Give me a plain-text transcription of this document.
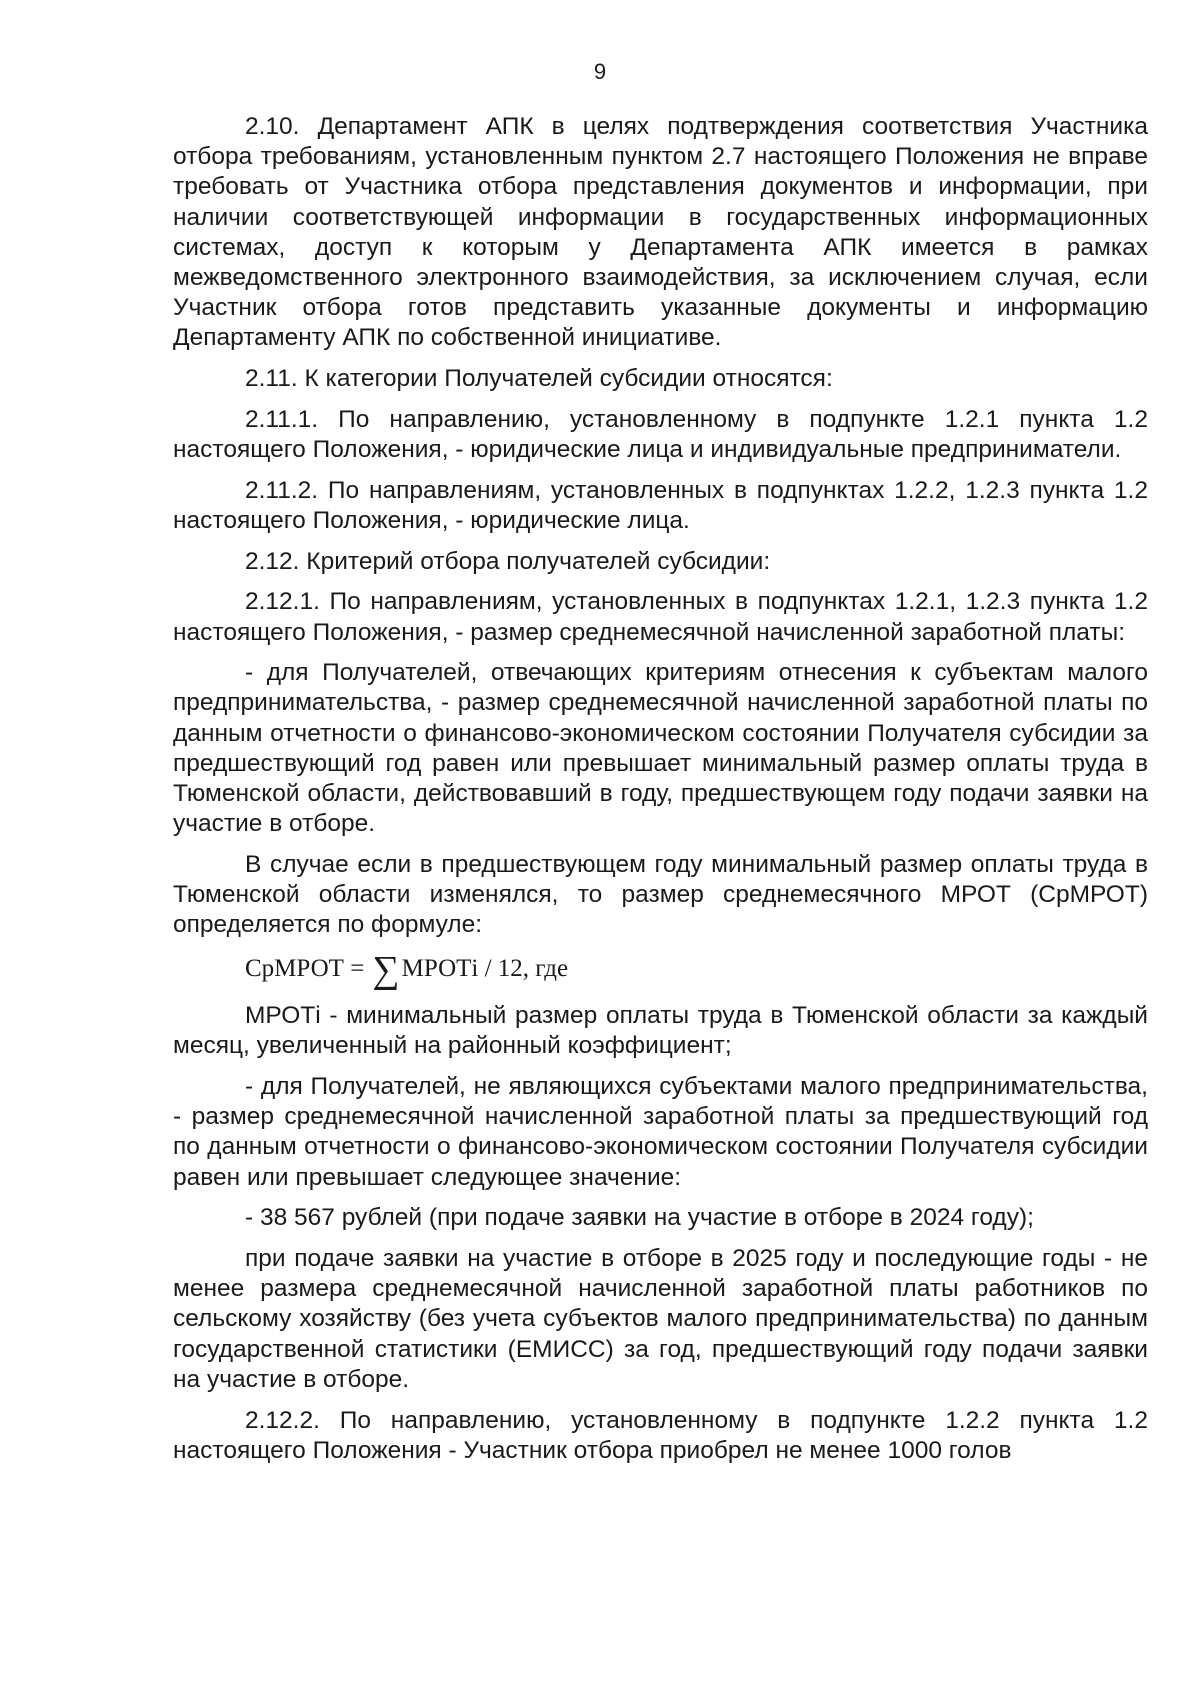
9

2.10. Департамент АПК в целях подтверждения соответствия Участника отбора требованиям, установленным пунктом 2.7 настоящего Положения не вправе требовать от Участника отбора представления документов и информации, при наличии соответствующей информации в государственных информационных системах, доступ к которым у Департамента АПК имеется в рамках межведомственного электронного взаимодействия, за исключением случая, если Участник отбора готов представить указанные документы и информацию Департаменту АПК по собственной инициативе.

2.11. К категории Получателей субсидии относятся:

2.11.1. По направлению, установленному в подпункте 1.2.1 пункта 1.2 настоящего Положения, - юридические лица и индивидуальные предприниматели.

2.11.2. По направлениям, установленных в подпунктах 1.2.2, 1.2.3 пункта 1.2 настоящего Положения, - юридические лица.

2.12. Критерий отбора получателей субсидии:

2.12.1. По направлениям, установленных в подпунктах 1.2.1, 1.2.3 пункта 1.2 настоящего Положения, - размер среднемесячной начисленной заработной платы:

- для Получателей, отвечающих критериям отнесения к субъектам малого предпринимательства, - размер среднемесячной начисленной заработной платы по данным отчетности о финансово-экономическом состоянии Получателя субсидии за предшествующий год равен или превышает минимальный размер оплаты труда в Тюменской области, действовавший в году, предшествующем году подачи заявки на участие в отборе.

В случае если в предшествующем году минимальный размер оплаты труда в Тюменской области изменялся, то размер среднемесячного МРОТ (СрМРОТ) определяется по формуле:

СрМРОТ = ∑МРОТi / 12, где

МРОТi - минимальный размер оплаты труда в Тюменской области за каждый месяц, увеличенный на районный коэффициент;

- для Получателей, не являющихся субъектами малого предпринимательства, - размер среднемесячной начисленной заработной платы за предшествующий год по данным отчетности о финансово-экономическом состоянии Получателя субсидии равен или превышает следующее значение:

- 38 567 рублей (при подаче заявки на участие в отборе в 2024 году);

при подаче заявки на участие в отборе в 2025 году и последующие годы - не менее размера среднемесячной начисленной заработной платы работников по сельскому хозяйству (без учета субъектов малого предпринимательства) по данным государственной статистики (ЕМИСС) за год, предшествующий году подачи заявки на участие в отборе.

2.12.2. По направлению, установленному в подпункте 1.2.2 пункта 1.2 настоящего Положения - Участник отбора приобрел не менее 1000 голов
